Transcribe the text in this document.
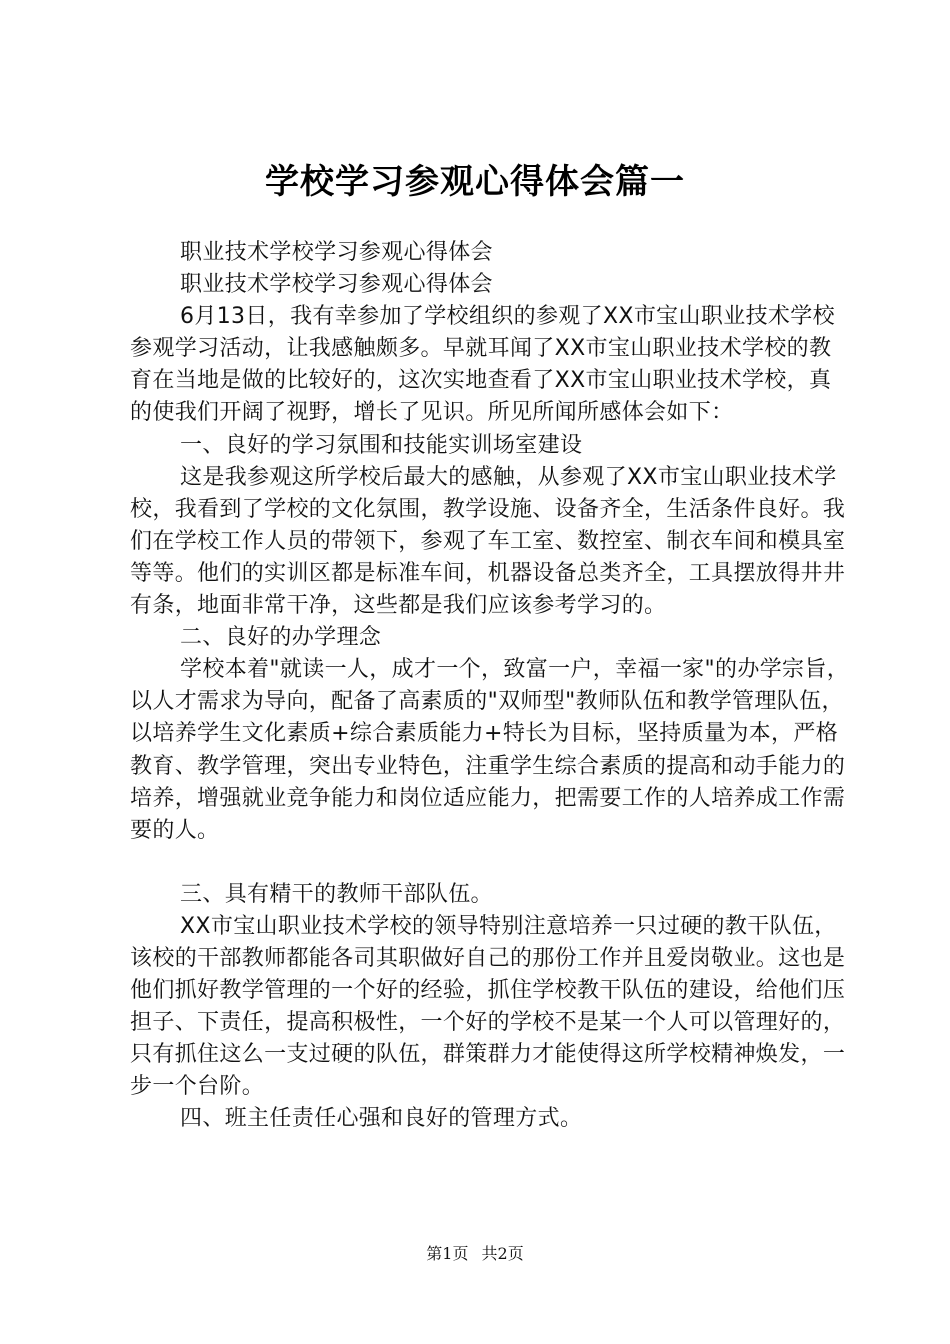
学校学习参观心得体会篇一

职业技术学校学习参观心得体会

职业技术学校学习参观心得体会

6月13日，我有幸参加了学校组织的参观了XX市宝山职业技术学校参观学习活动，让我感触颇多。早就耳闻了XX市宝山职业技术学校的教育在当地是做的比较好的，这次实地查看了XX市宝山职业技术学校，真的使我们开阔了视野，增长了见识。所见所闻所感体会如下：

一、良好的学习氛围和技能实训场室建设

这是我参观这所学校后最大的感触，从参观了XX市宝山职业技术学校，我看到了学校的文化氛围，教学设施、设备齐全，生活条件良好。我们在学校工作人员的带领下，参观了车工室、数控室、制衣车间和模具室等等。他们的实训区都是标准车间，机器设备总类齐全，工具摆放得井井有条，地面非常干净，这些都是我们应该参考学习的。

二、良好的办学理念

学校本着"就读一人，成才一个，致富一户，幸福一家"的办学宗旨，以人才需求为导向，配备了高素质的"双师型"教师队伍和教学管理队伍，以培养学生文化素质+综合素质能力+特长为目标，坚持质量为本，严格教育、教学管理，突出专业特色，注重学生综合素质的提高和动手能力的培养，增强就业竞争能力和岗位适应能力，把需要工作的人培养成工作需要的人。

三、具有精干的教师干部队伍。

XX市宝山职业技术学校的领导特别注意培养一只过硬的教干队伍，该校的干部教师都能各司其职做好自己的那份工作并且爱岗敬业。这也是他们抓好教学管理的一个好的经验，抓住学校教干队伍的建设，给他们压担子、下责任，提高积极性，一个好的学校不是某一个人可以管理好的，只有抓住这么一支过硬的队伍，群策群力才能使得这所学校精神焕发，一步一个台阶。

四、班主任责任心强和良好的管理方式。

第1页 共2页
